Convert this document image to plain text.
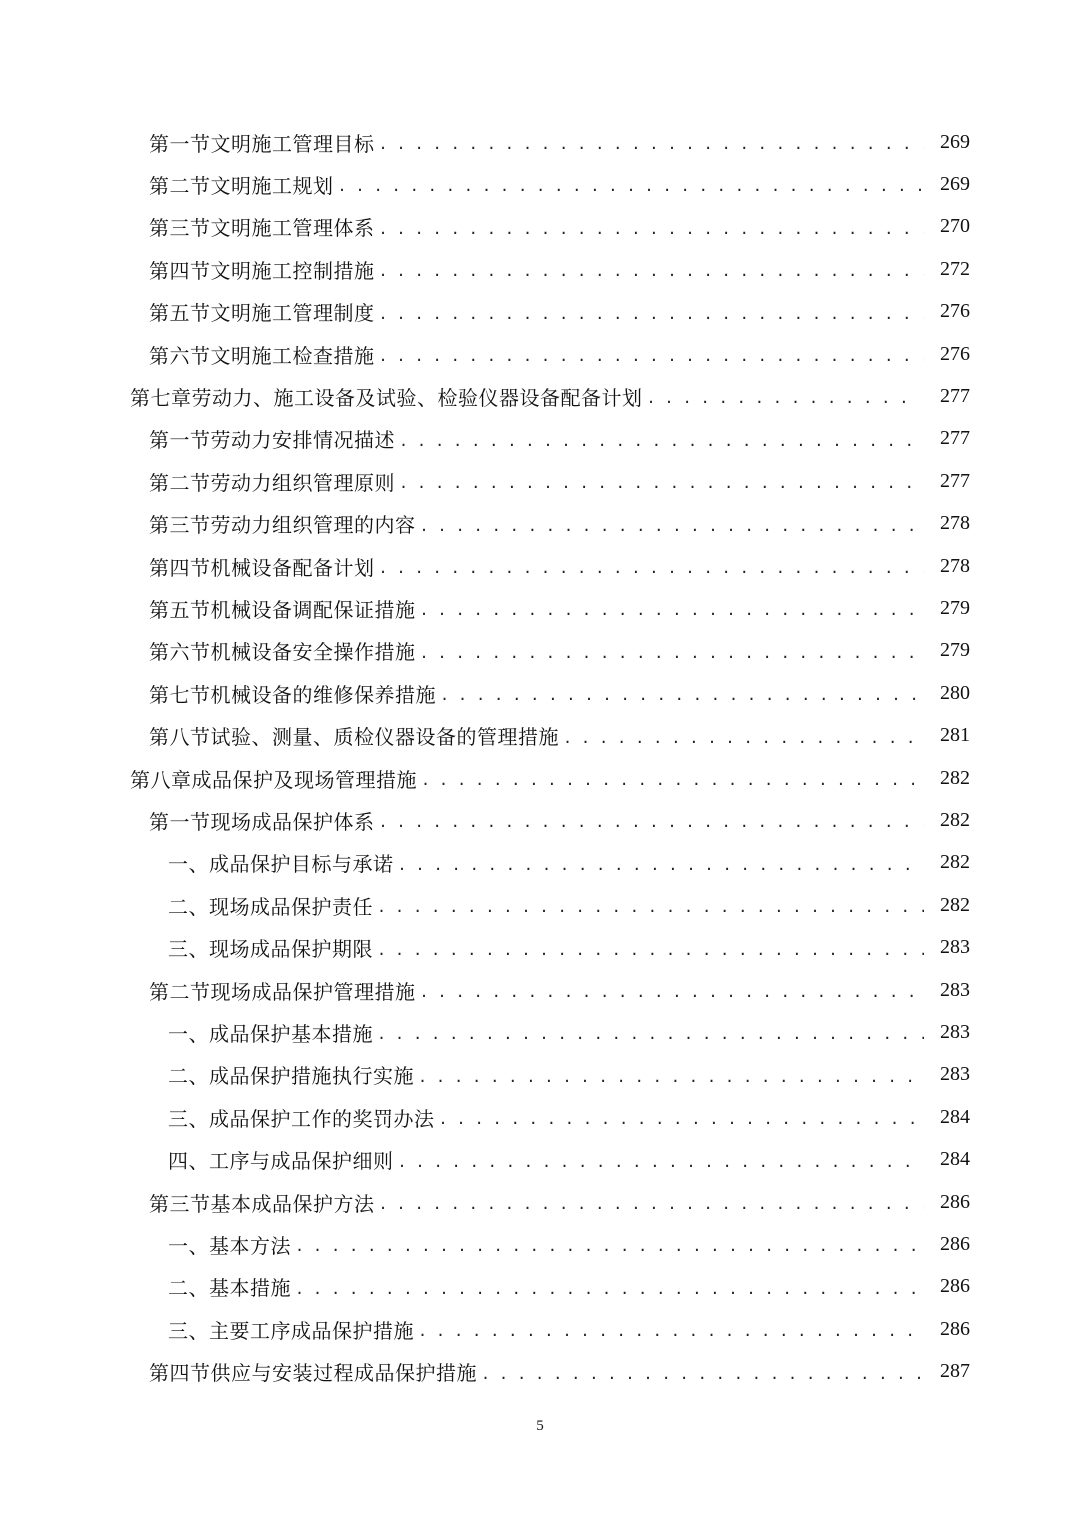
第一节文明施工管理目标 . . .	269
第二节文明施工规划 . . .	269
第三节文明施工管理体系 . . .	270
第四节文明施工控制措施 . . .	272
第五节文明施工管理制度 . . .	276
第六节文明施工检查措施 . . .	276
第七章劳动力、施工设备及试验、检验仪器设备配备计划 . . .	277
第一节劳动力安排情况描述 . . .	277
第二节劳动力组织管理原则 . . .	277
第三节劳动力组织管理的内容 . . .	278
第四节机械设备配备计划 . . .	278
第五节机械设备调配保证措施 . . .	279
第六节机械设备安全操作措施 . . .	279
第七节机械设备的维修保养措施 . . .	280
第八节试验、测量、质检仪器设备的管理措施 . . .	281
第八章成品保护及现场管理措施 . . .	282
第一节现场成品保护体系 . . .	282
一、成品保护目标与承诺 . . .	282
二、现场成品保护责任 . . .	282
三、现场成品保护期限 . . .	283
第二节现场成品保护管理措施 . . .	283
一、成品保护基本措施 . . .	283
二、成品保护措施执行实施 . . .	283
三、成品保护工作的奖罚办法 . . .	284
四、工序与成品保护细则 . . .	284
第三节基本成品保护方法 . . .	286
一、基本方法 . . .	286
二、基本措施 . . .	286
三、主要工序成品保护措施 . . .	286
第四节供应与安装过程成品保护措施 . . .	287
5
